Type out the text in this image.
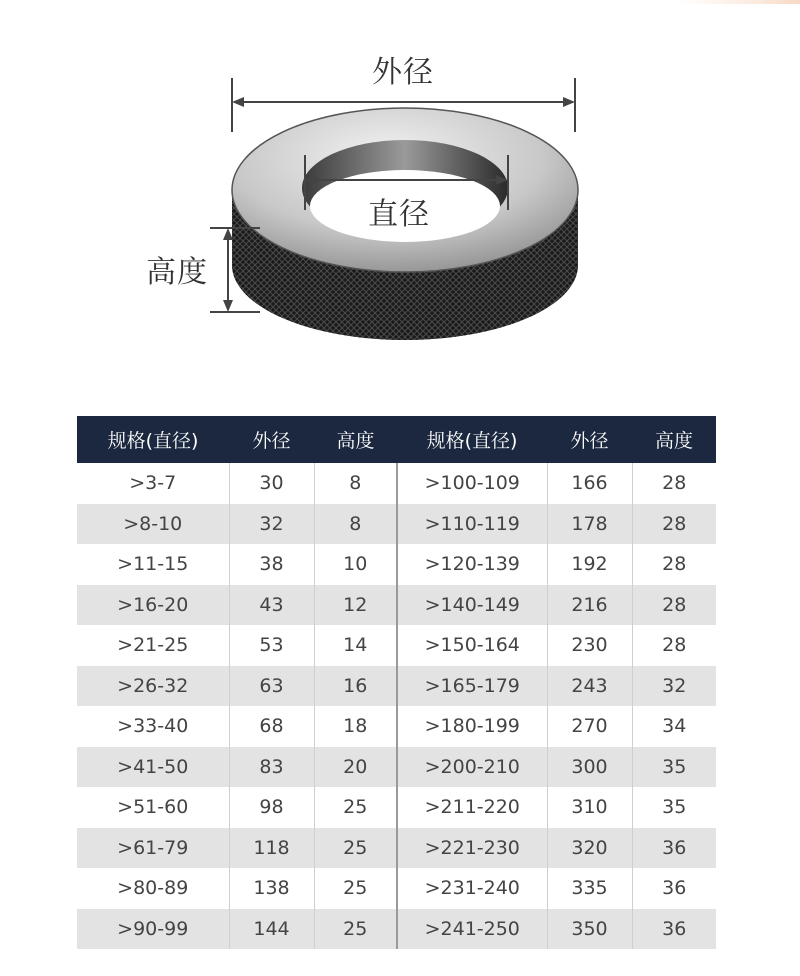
外径
直径
高度
规格(直径)	外径	高度	规格(直径)	外径	高度
>3-7	30	8	>100-109	166	28
>8-10	32	8	>110-119	178	28
>11-15	38	10	>120-139	192	28
>16-20	43	12	>140-149	216	28
>21-25	53	14	>150-164	230	28
>26-32	63	16	>165-179	243	32
>33-40	68	18	>180-199	270	34
>41-50	83	20	>200-210	300	35
>51-60	98	25	>211-220	310	35
>61-79	118	25	>221-230	320	36
>80-89	138	25	>231-240	335	36
>90-99	144	25	>241-250	350	36
